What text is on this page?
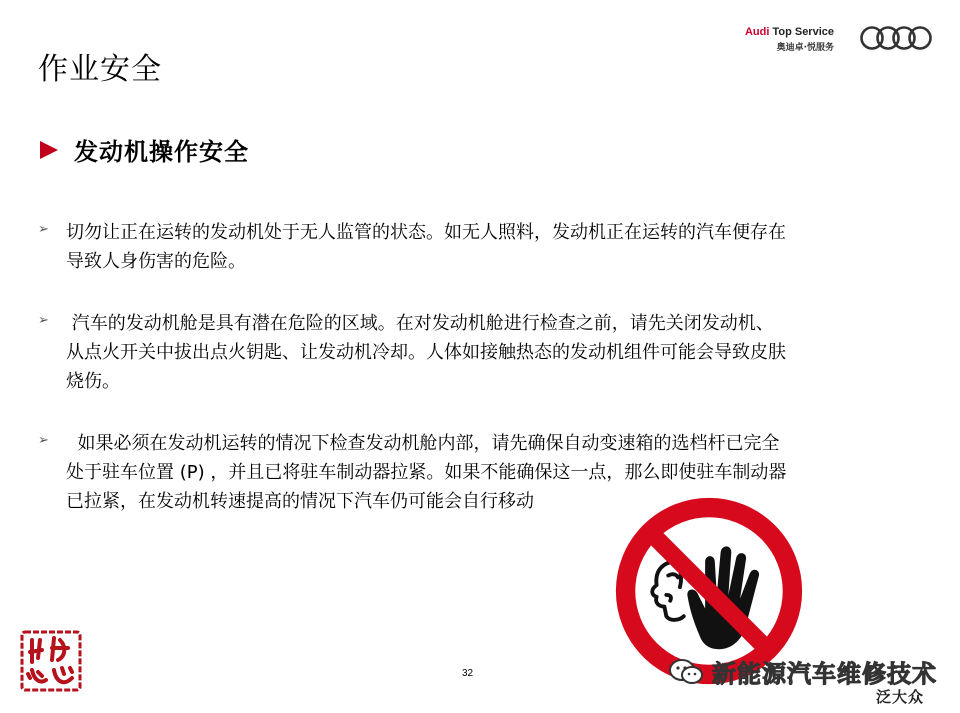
作业安全
Audi Top Service
奥迪卓·悦服务
发动机操作安全
➢ 切勿让正在运转的发动机处于无人监管的状态。如无人照料，发动机正在运转的汽车便存在
导致人身伤害的危险。
➢ 汽车的发动机舱是具有潜在危险的区域。在对发动机舱进行检查之前，请先关闭发动机、
从点火开关中拔出点火钥匙、让发动机冷却。人体如接触热态的发动机组件可能会导致皮肤
烧伤。
➢ 如果必须在发动机运转的情况下检查发动机舱内部，请先确保自动变速箱的选档杆已完全
处于驻车位置 (P) ，并且已将驻车制动器拉紧。如果不能确保这一点，那么即使驻车制动器
已拉紧，在发动机转速提高的情况下汽车仍可能会自行移动
32	新能源汽车维修技术
泛大众
